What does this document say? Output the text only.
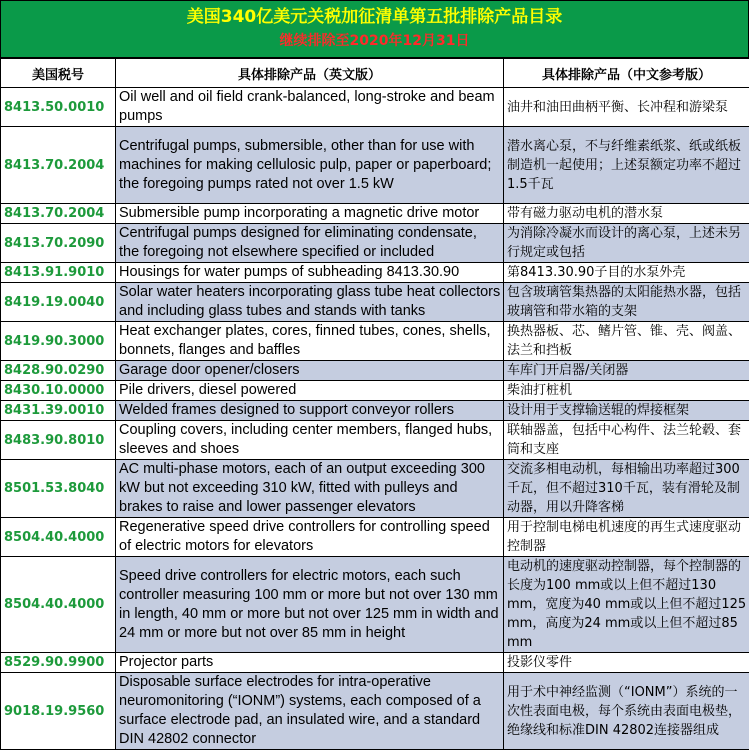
美国340亿美元关税加征清单第五批排除产品目录
继续排除至2020年12月31日
美国税号	具体排除产品（英文版）	具体排除产品（中文参考版）
8413.50.0010	Oil well and oil field crank-balanced, long-stroke and beam pumps	油井和油田曲柄平衡、长冲程和游梁泵
8413.70.2004	Centrifugal pumps, submersible, other than for use with machines for making cellulosic pulp, paper or paperboard; the foregoing pumps rated not over 1.5 kW	潜水离心泵，不与纤维素纸浆、纸或纸板制造机一起使用；上述泵额定功率不超过1.5千瓦
8413.70.2004	Submersible pump incorporating a magnetic drive motor	带有磁力驱动电机的潜水泵
8413.70.2090	Centrifugal pumps designed for eliminating condensate, the foregoing not elsewhere specified or included	为消除冷凝水而设计的离心泵，上述未另行规定或包括
8413.91.9010	Housings for water pumps of subheading 8413.30.90	第8413.30.90子目的水泵外壳
8419.19.0040	Solar water heaters incorporating glass tube heat collectors and including glass tubes and stands with tanks	包含玻璃管集热器的太阳能热水器，包括玻璃管和带水箱的支架
8419.90.3000	Heat exchanger plates, cores, finned tubes, cones, shells, bonnets, flanges and baffles	换热器板、芯、鳍片管、锥、壳、阀盖、法兰和挡板
8428.90.0290	Garage door opener/closers	车库门开启器/关闭器
8430.10.0000	Pile drivers, diesel powered	柴油打桩机
8431.39.0010	Welded frames designed to support conveyor rollers	设计用于支撑输送辊的焊接框架
8483.90.8010	Coupling covers, including center members, flanged hubs, sleeves and shoes	联轴器盖，包括中心构件、法兰轮毂、套筒和支座
8501.53.8040	AC multi-phase motors, each of an output exceeding 300 kW but not exceeding 310 kW, fitted with pulleys and brakes to raise and lower passenger elevators	交流多相电动机，每相输出功率超过300千瓦，但不超过310千瓦，装有滑轮及制动器，用以升降客梯
8504.40.4000	Regenerative speed drive controllers for controlling speed of electric motors for elevators	用于控制电梯电机速度的再生式速度驱动控制器
8504.40.4000	Speed drive controllers for electric motors, each such controller measuring 100 mm or more but not over 130 mm in length, 40 mm or more but not over 125 mm in width and 24 mm or more but not over 85 mm in height	电动机的速度驱动控制器，每个控制器的长度为100 mm或以上但不超过130 mm，宽度为40 mm或以上但不超过125 mm，高度为24 mm或以上但不超过85 mm
8529.90.9900	Projector parts	投影仪零件
9018.19.9560	Disposable surface electrodes for intra-operative neuromonitoring (“IONM”) systems, each composed of a surface electrode pad, an insulated wire, and a standard DIN 42802 connector	用于术中神经监测（“IONM”）系统的一次性表面电极，每个系统由表面电极垫，绝缘线和标准DIN 42802连接器组成
